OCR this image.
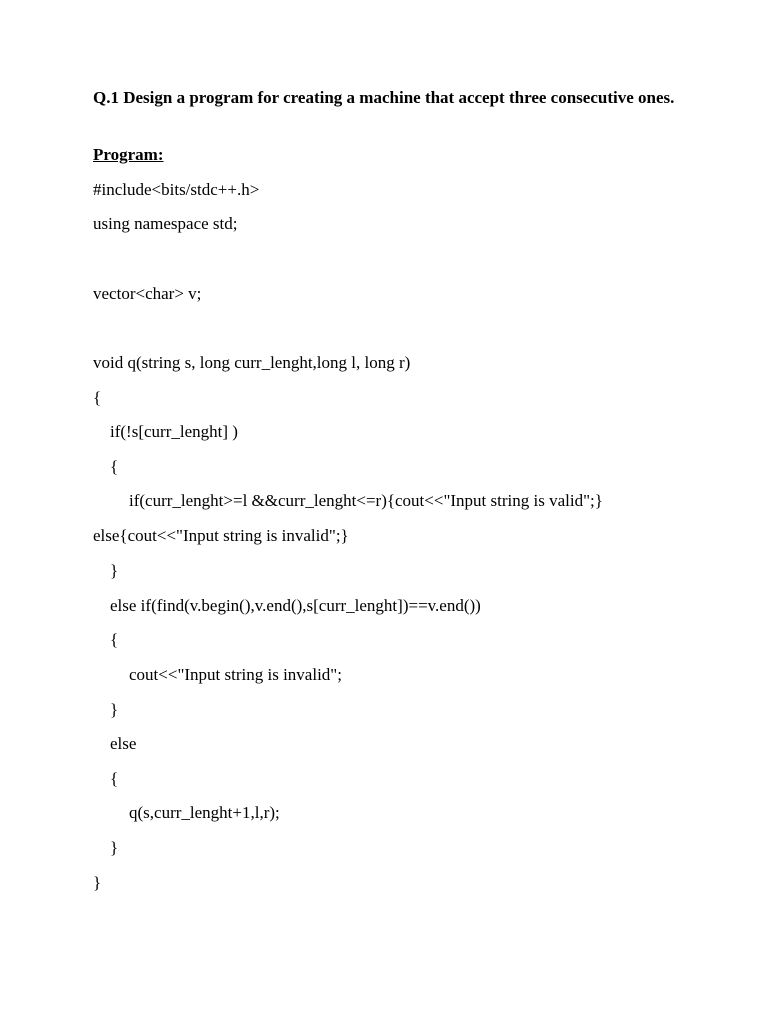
Q.1 Design a program for creating a machine that accept three consecutive ones.

Program:

#include<bits/stdc++.h>

using namespace std;

vector<char> v;

void q(string s, long curr_lenght,long l, long r)

{

if(!s[curr_lenght] )

{

if(curr_lenght>=l &&curr_lenght<=r){cout<<"Input string is valid";}

else{cout<<"Input string is invalid";}

}

else if(find(v.begin(),v.end(),s[curr_lenght])==v.end())

{

cout<<"Input string is invalid";

}

else

{

q(s,curr_lenght+1,l,r);

}

}
